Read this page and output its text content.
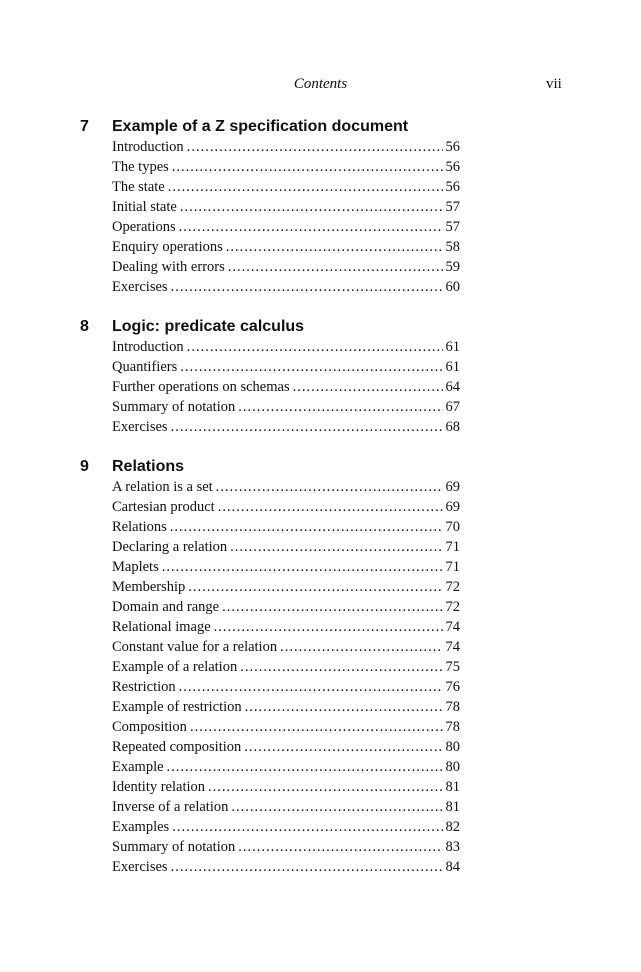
Contents	vii
7	Example of a Z specification document
Introduction .....	56
The types .....	56
The state .....	56
Initial state .....	57
Operations .....	57
Enquiry operations .....	58
Dealing with errors .....	59
Exercises .....	60
8	Logic: predicate calculus
Introduction .....	61
Quantifiers .....	61
Further operations on schemas .....	64
Summary of notation .....	67
Exercises .....	68
9	Relations
A relation is a set .....	69
Cartesian product .....	69
Relations .....	70
Declaring a relation .....	71
Maplets .....	71
Membership .....	72
Domain and range .....	72
Relational image .....	74
Constant value for a relation .....	74
Example of a relation .....	75
Restriction .....	76
Example of restriction .....	78
Composition .....	78
Repeated composition .....	80
Example .....	80
Identity relation .....	81
Inverse of a relation .....	81
Examples .....	82
Summary of notation .....	83
Exercises .....	84
